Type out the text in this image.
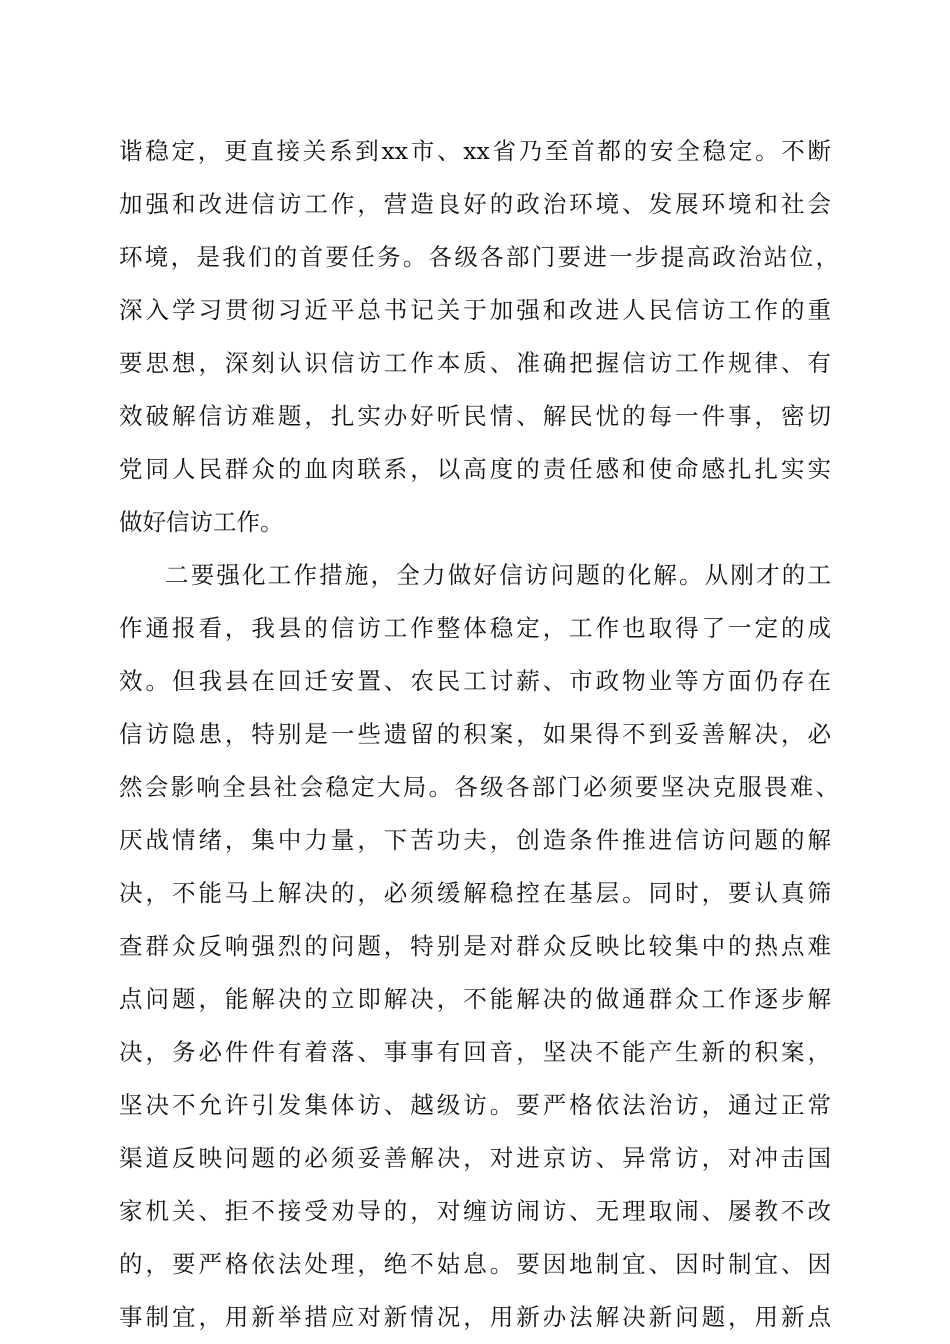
谐稳定，更直接关系到xx市、xx省乃至首都的安全稳定。不断
加强和改进信访工作，营造良好的政治环境、发展环境和社会
环境，是我们的首要任务。各级各部门要进一步提高政治站位，
深入学习贯彻习近平总书记关于加强和改进人民信访工作的重
要思想，深刻认识信访工作本质、准确把握信访工作规律、有
效破解信访难题，扎实办好听民情、解民忧的每一件事，密切
党同人民群众的血肉联系，以高度的责任感和使命感扎扎实实
做好信访工作。
二要强化工作措施，全力做好信访问题的化解。从刚才的工
作通报看，我县的信访工作整体稳定，工作也取得了一定的成
效。但我县在回迁安置、农民工讨薪、市政物业等方面仍存在
信访隐患，特别是一些遗留的积案，如果得不到妥善解决，必
然会影响全县社会稳定大局。各级各部门必须要坚决克服畏难、
厌战情绪，集中力量，下苦功夫，创造条件推进信访问题的解
决，不能马上解决的，必须缓解稳控在基层。同时，要认真筛
查群众反响强烈的问题，特别是对群众反映比较集中的热点难
点问题，能解决的立即解决，不能解决的做通群众工作逐步解
决，务必件件有着落、事事有回音，坚决不能产生新的积案，
坚决不允许引发集体访、越级访。要严格依法治访，通过正常
渠道反映问题的必须妥善解决，对进京访、异常访，对冲击国
家机关、拒不接受劝导的，对缠访闹访、无理取闹、屡教不改
的，要严格依法处理，绝不姑息。要因地制宜、因时制宜、因
事制宜，用新举措应对新情况，用新办法解决新问题，用新点
